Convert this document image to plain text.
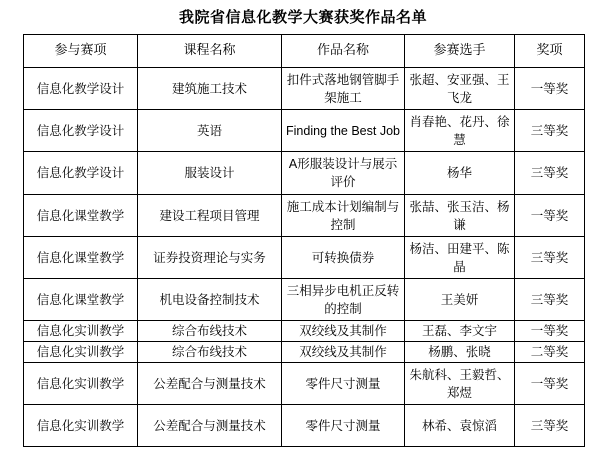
我院省信息化教学大赛获奖作品名单
参与赛项	课程名称	作品名称	参赛选手	奖项
信息化教学设计	建筑施工技术	扣件式落地钢管脚手架施工	张超、安亚强、王飞龙	一等奖
信息化教学设计	英语	Finding the Best Job	肖春艳、花丹、徐慧	三等奖
信息化教学设计	服装设计	A形服装设计与展示评价	杨华	三等奖
信息化课堂教学	建设工程项目管理	施工成本计划编制与控制	张喆、张玉洁、杨  谦	一等奖
信息化课堂教学	证券投资理论与实务	可转换债券	杨洁、田建平、陈晶	三等奖
信息化课堂教学	机电设备控制技术	三相异步电机正反转的控制	王美妍	三等奖
信息化实训教学	综合布线技术	双绞线及其制作	王磊、李文宇	一等奖
信息化实训教学	综合布线技术	双绞线及其制作	杨鹏、张晓	二等奖
信息化实训教学	公差配合与测量技术	零件尺寸测量	朱航科、王毅哲、郑煜	一等奖
信息化实训教学	公差配合与测量技术	零件尺寸测量	林希、袁惊滔	三等奖
